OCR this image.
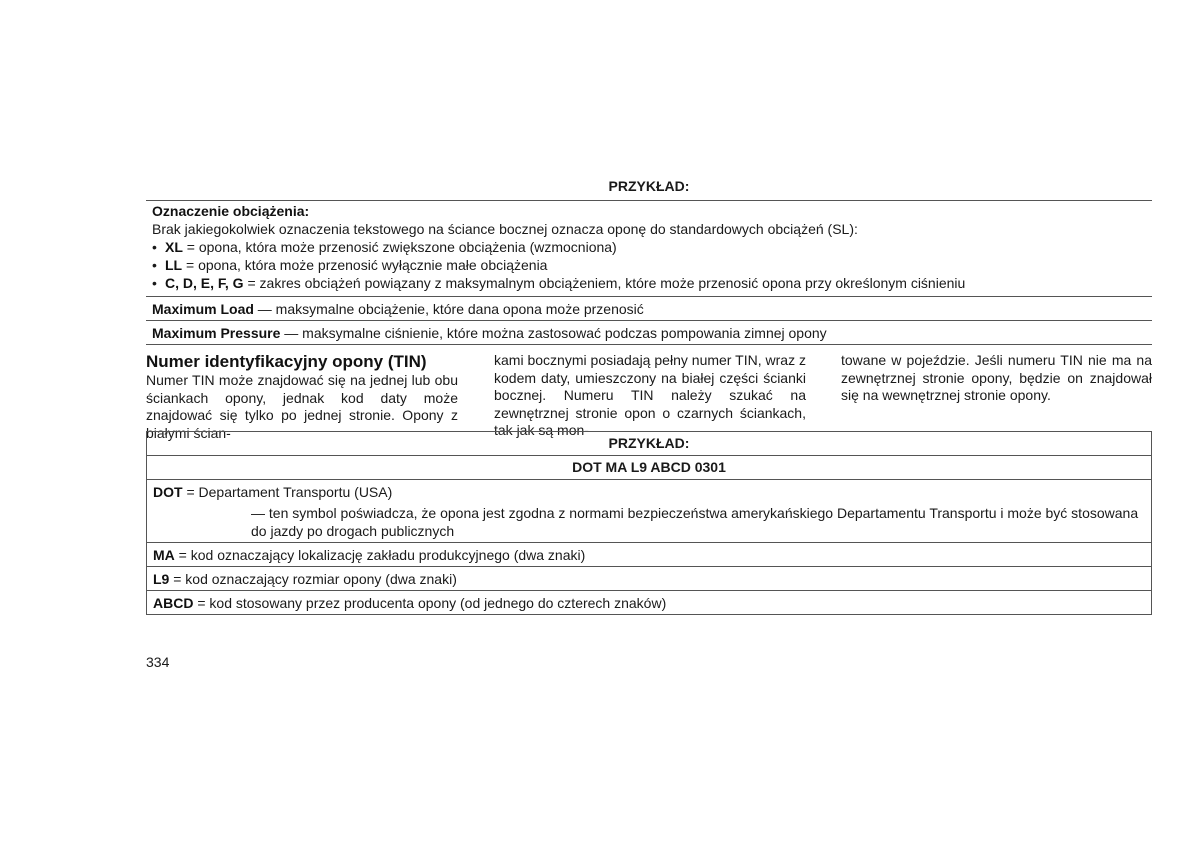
PRZYKŁAD:
Oznaczenie obciążenia:
Brak jakiegokolwiek oznaczenia tekstowego na ściance bocznej oznacza oponę do standardowych obciążeń (SL):
• XL = opona, która może przenosić zwiększone obciążenia (wzmocniona)
• LL = opona, która może przenosić wyłącznie małe obciążenia
• C, D, E, F, G = zakres obciążeń powiązany z maksymalnym obciążeniem, które może przenosić opona przy określonym ciśnieniu
Maximum Load — maksymalne obciążenie, które dana opona może przenosić
Maximum Pressure — maksymalne ciśnienie, które można zastosować podczas pompowania zimnej opony
Numer identyfikacyjny opony (TIN)

Numer TIN może znajdować się na jednej lub obu ściankach opony, jednak kod daty może znajdować się tylko po jednej stronie. Opony z białymi ścian-

kami bocznymi posiadają pełny numer TIN, wraz z kodem daty, umieszczony na białej części ścianki bocznej. Numeru TIN należy szukać na zewnętrznej stronie opon o czarnych ściankach, tak jak są mon-

towane w pojeździe. Jeśli numeru TIN nie ma na zewnętrznej stronie opony, będzie on znajdował się na wewnętrznej stronie opony.

PRZYKŁAD:
DOT MA L9 ABCD 0301
DOT = Departament Transportu (USA)
— ten symbol poświadcza, że opona jest zgodna z normami bezpieczeństwa amerykańskiego Departamentu Transportu i może być stosowana do jazdy po drogach publicznych
MA = kod oznaczający lokalizację zakładu produkcyjnego (dwa znaki)
L9 = kod oznaczający rozmiar opony (dwa znaki)
ABCD = kod stosowany przez producenta opony (od jednego do czterech znaków)
334
